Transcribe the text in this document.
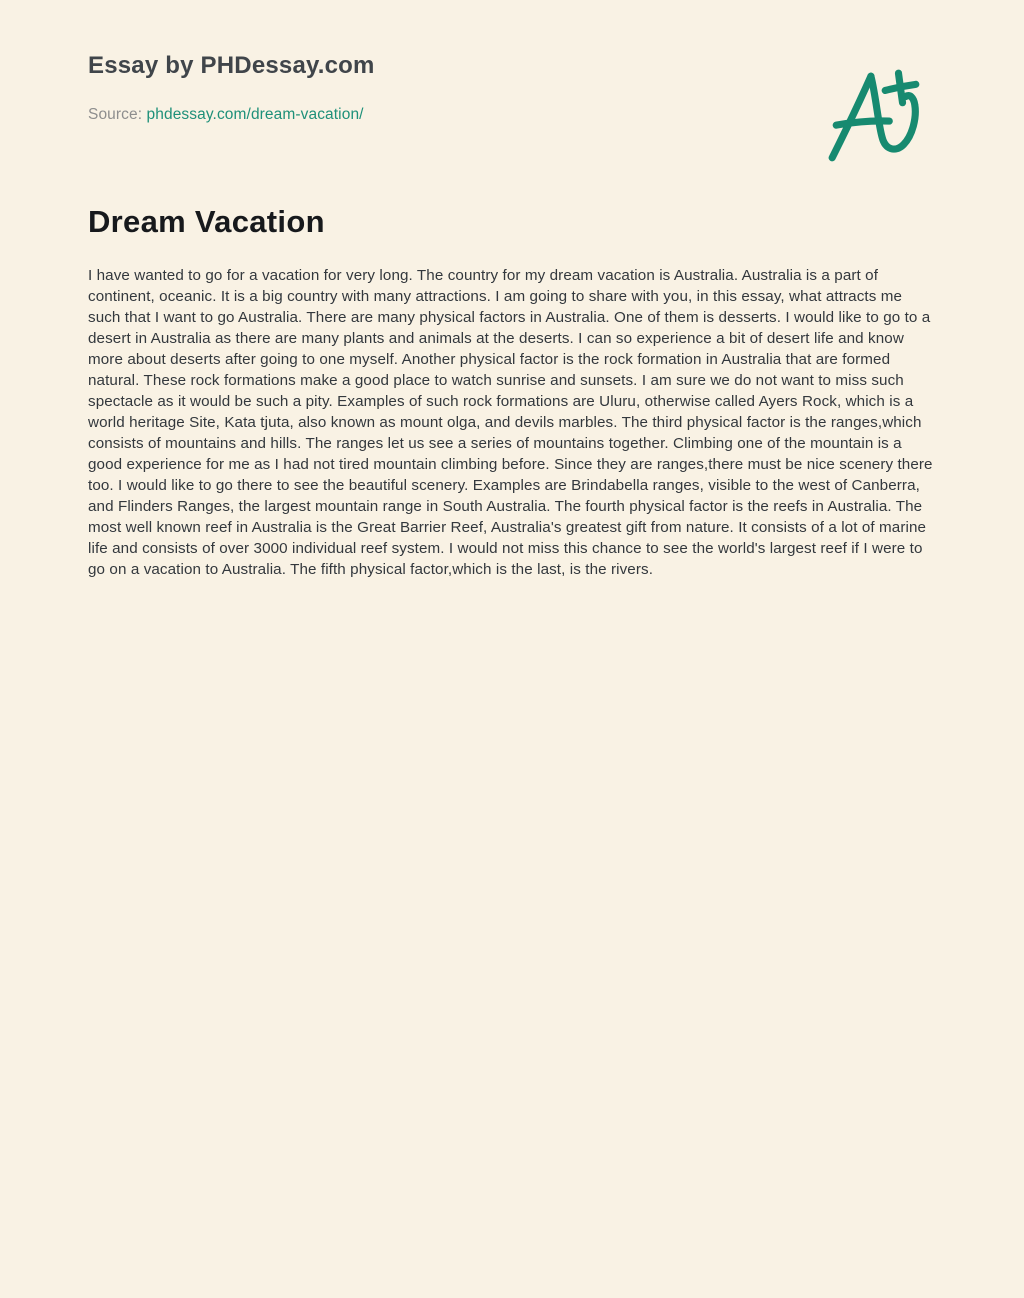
Essay by PHDessay.com
Source: phdessay.com/dream-vacation/
Dream Vacation

I have wanted to go for a vacation for very long. The country for my dream vacation is Australia. Australia is a part of continent, oceanic. It is a big country with many attractions. I am going to share with you, in this essay, what attracts me such that I want to go Australia. There are many physical factors in Australia. One of them is desserts. I would like to go to a desert in Australia as there are many plants and animals at the deserts. I can so experience a bit of desert life and know more about deserts after going to one myself. Another physical factor is the rock formation in Australia that are formed natural. These rock formations make a good place to watch sunrise and sunsets. I am sure we do not want to miss such spectacle as it would be such a pity. Examples of such rock formations are Uluru, otherwise called Ayers Rock, which is a world heritage Site, Kata tjuta, also known as mount olga, and devils marbles. The third physical factor is the ranges,which consists of mountains and hills. The ranges let us see a series of mountains together. Climbing one of the mountain is a good experience for me as I had not tired mountain climbing before. Since they are ranges,there must be nice scenery there too. I would like to go there to see the beautiful scenery. Examples are Brindabella ranges, visible to the west of Canberra, and Flinders Ranges, the largest mountain range in South Australia. The fourth physical factor is the reefs in Australia. The most well known reef in Australia is the Great Barrier Reef, Australia's greatest gift from nature. It consists of a lot of marine life and consists of over 3000 individual reef system. I would not miss this chance to see the world's largest reef if I were to go on a vacation to Australia. The fifth physical factor,which is the last, is the rivers.
